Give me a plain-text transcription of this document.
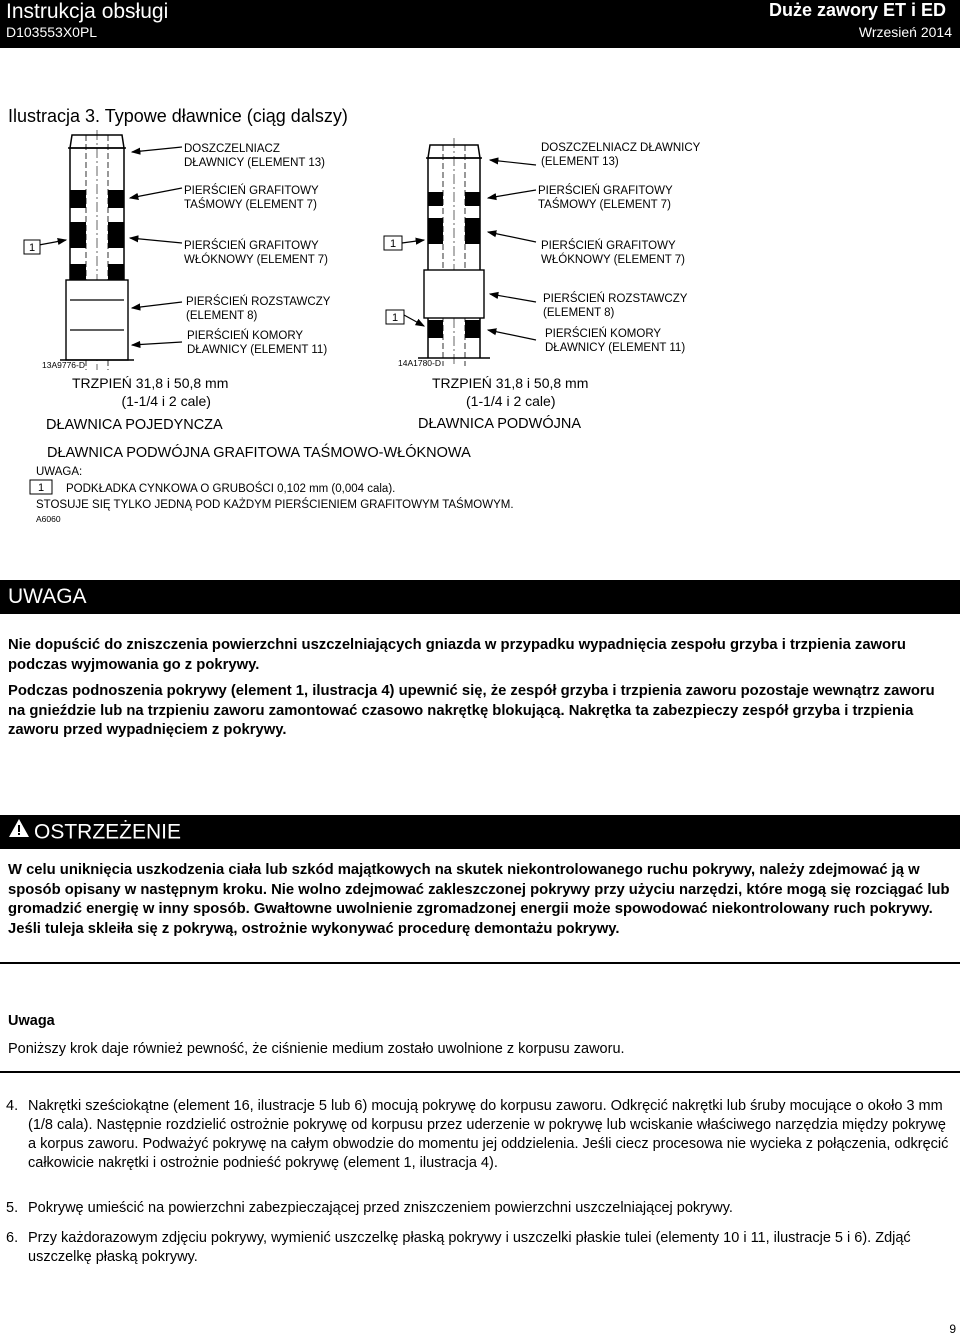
Instrukcja obsługi
D103553X0PL
Duże zawory ET i ED
Wrzesień 2014
Ilustracja 3. Typowe dławnice (ciąg dalszy)
1	1
1
1
DOSZCZELNIACZ
DŁAWNICY (ELEMENT 13)
PIERŚCIEŃ GRAFITOWY
TAŚMOWY (ELEMENT 7)
PIERŚCIEŃ GRAFITOWY
WŁÓKNOWY (ELEMENT 7)
PIERŚCIEŃ ROZSTAWCZY
(ELEMENT 8)
PIERŚCIEŃ KOMORY
DŁAWNICY (ELEMENT 11)
13A9776-D
TRZPIEŃ 31,8 i 50,8 mm
(1-1/4 i 2 cale)
DŁAWNICA POJEDYNCZA
DOSZCZELNIACZ DŁAWNICY
(ELEMENT 13)
PIERŚCIEŃ GRAFITOWY
TAŚMOWY (ELEMENT 7)
PIERŚCIEŃ GRAFITOWY
WŁÓKNOWY (ELEMENT 7)
PIERŚCIEŃ ROZSTAWCZY
(ELEMENT 8)
PIERŚCIEŃ KOMORY
DŁAWNICY (ELEMENT 11)
14A1780-D
TRZPIEŃ 31,8 i 50,8 mm
(1-1/4 i 2 cale)
DŁAWNICA PODWÓJNA
DŁAWNICA PODWÓJNA GRAFITOWA TAŚMOWO-WŁÓKNOWA
UWAGA:
PODKŁADKA CYNKOWA O GRUBOŚCI 0,102 mm (0,004 cala).
STOSUJE SIĘ TYLKO JEDNĄ POD KAŻDYM PIERŚCIENIEM GRAFITOWYM TAŚMOWYM.
A6060
UWAGA
Nie dopuścić do zniszczenia powierzchni uszczelniających gniazda w przypadku wypadnięcia zespołu grzyba i trzpienia zaworu podczas wyjmowania go z pokrywy.
Podczas podnoszenia pokrywy (element 1, ilustracja 4) upewnić się, że zespół grzyba i trzpienia zaworu pozostaje wewnątrz zaworu na gnieździe lub na trzpieniu zaworu zamontować czasowo nakrętkę blokującą. Nakrętka ta zabezpieczy zespół grzyba i trzpienia zaworu przed wypadnięciem z pokrywy.
OSTRZEŻENIE
W celu uniknięcia uszkodzenia ciała lub szkód majątkowych na skutek niekontrolowanego ruchu pokrywy, należy zdejmować ją w sposób opisany w następnym kroku. Nie wolno zdejmować zakleszczonej pokrywy przy użyciu narzędzi, które mogą się rozciągać lub gromadzić energię w inny sposób. Gwałtowne uwolnienie zgromadzonej energii może spowodować niekontrolowany ruch pokrywy. Jeśli tuleja skleiła się z pokrywą, ostrożnie wykonywać procedurę demontażu pokrywy.
Uwaga
Poniższy krok daje również pewność, że ciśnienie medium zostało uwolnione z korpusu zaworu.
4. Nakrętki sześciokątne (element 16, ilustracje 5 lub 6) mocują pokrywę do korpusu zaworu. Odkręcić nakrętki lub śruby mocujące o około 3 mm (1/8 cala). Następnie rozdzielić ostrożnie pokrywę od korpusu przez uderzenie w pokrywę lub wciskanie właściwego narzędzia między pokrywę a korpus zaworu. Podważyć pokrywę na całym obwodzie do momentu jej oddzielenia. Jeśli ciecz procesowa nie wycieka z połączenia, odkręcić całkowicie nakrętki i ostrożnie podnieść pokrywę (element 1, ilustracja 4).
5. Pokrywę umieścić na powierzchni zabezpieczającej przed zniszczeniem powierzchni uszczelniającej pokrywy.
6. Przy każdorazowym zdjęciu pokrywy, wymienić uszczelkę płaską pokrywy i uszczelki płaskie tulei (elementy 10 i 11, ilustracje 5 i 6). Zdjąć uszczelkę płaską pokrywy.
9
